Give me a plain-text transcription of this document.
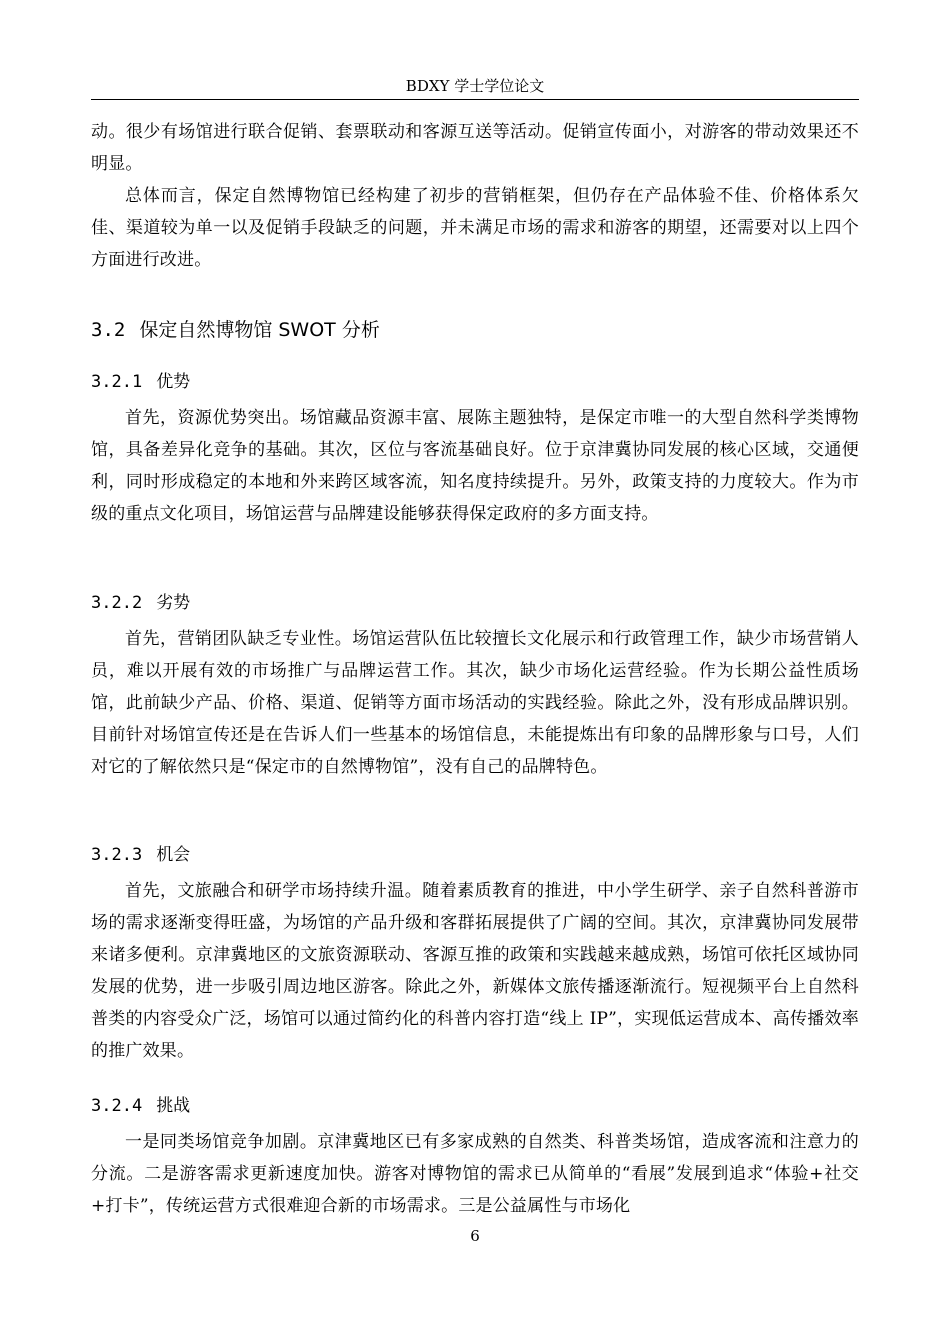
BDXY 学士学位论文

动。很少有场馆进行联合促销、套票联动和客源互送等活动。促销宣传面小，对游客的带动效果还不明显。

总体而言，保定自然博物馆已经构建了初步的营销框架，但仍存在产品体验不佳、价格体系欠佳、渠道较为单一以及促销手段缺乏的问题，并未满足市场的需求和游客的期望，还需要对以上四个方面进行改进。

3.2 保定自然博物馆 SWOT 分析
3.2.1 优势

首先，资源优势突出。场馆藏品资源丰富、展陈主题独特，是保定市唯一的大型自然科学类博物馆，具备差异化竞争的基础。其次，区位与客流基础良好。位于京津冀协同发展的核心区域，交通便利，同时形成稳定的本地和外来跨区域客流，知名度持续提升。另外，政策支持的力度较大。作为市级的重点文化项目，场馆运营与品牌建设能够获得保定政府的多方面支持。

3.2.2 劣势

首先，营销团队缺乏专业性。场馆运营队伍比较擅长文化展示和行政管理工作，缺少市场营销人员，难以开展有效的市场推广与品牌运营工作。其次，缺少市场化运营经验。作为长期公益性质场馆，此前缺少产品、价格、渠道、促销等方面市场活动的实践经验。除此之外，没有形成品牌识别。目前针对场馆宣传还是在告诉人们一些基本的场馆信息，未能提炼出有印象的品牌形象与口号，人们对它的了解依然只是“保定市的自然博物馆”，没有自己的品牌特色。

3.2.3 机会

首先，文旅融合和研学市场持续升温。随着素质教育的推进，中小学生研学、亲子自然科普游市场的需求逐渐变得旺盛，为场馆的产品升级和客群拓展提供了广阔的空间。其次，京津冀协同发展带来诸多便利。京津冀地区的文旅资源联动、客源互推的政策和实践越来越成熟，场馆可依托区域协同发展的优势，进一步吸引周边地区游客。除此之外，新媒体文旅传播逐渐流行。短视频平台上自然科普类的内容受众广泛，场馆可以通过简约化的科普内容打造“线上 IP”，实现低运营成本、高传播效率的推广效果。

3.2.4 挑战

一是同类场馆竞争加剧。京津冀地区已有多家成熟的自然类、科普类场馆，造成客流和注意力的分流。二是游客需求更新速度加快。游客对博物馆的需求已从简单的“看展”发展到追求“体验+社交+打卡”，传统运营方式很难迎合新的市场需求。三是公益属性与市场化

6
